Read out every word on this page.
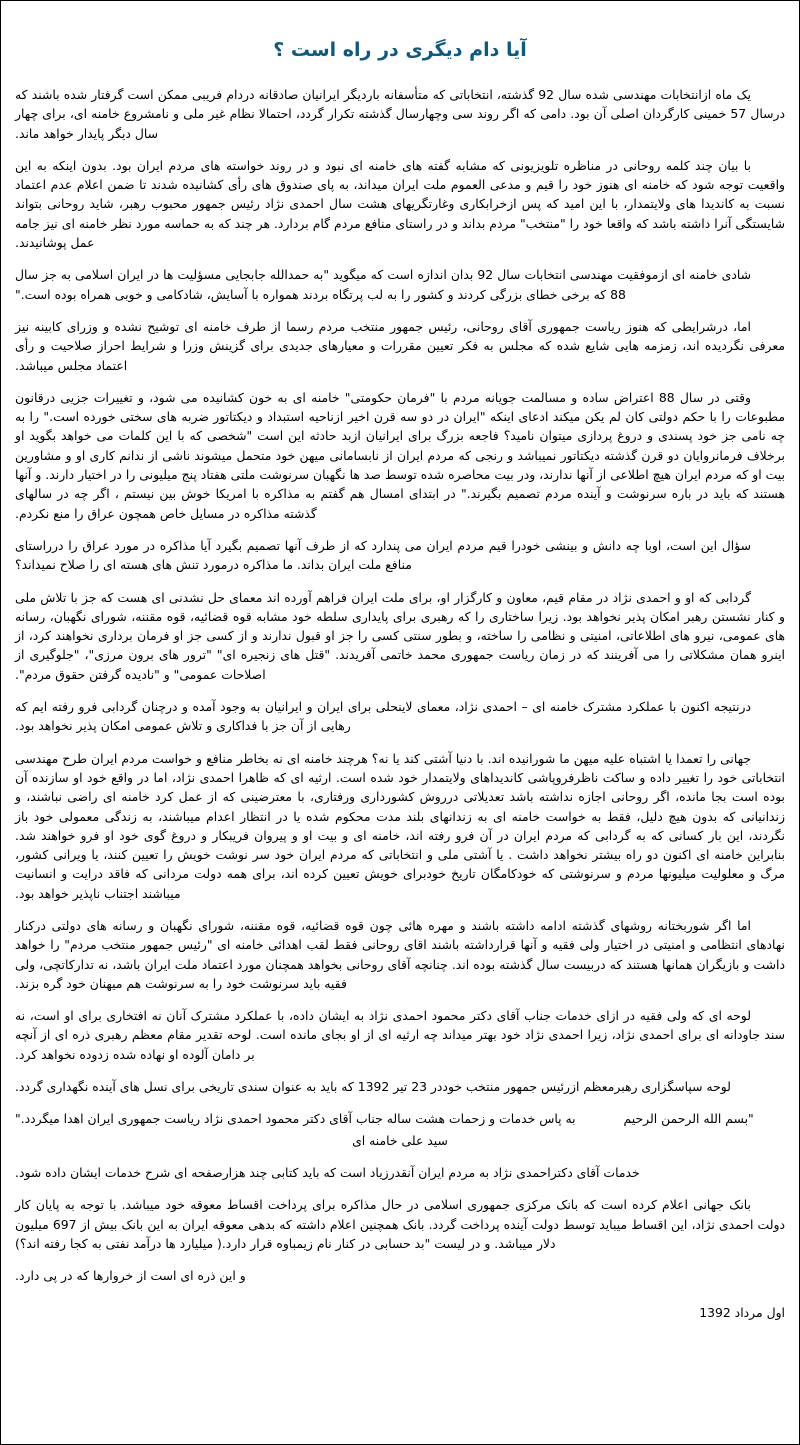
آیا دام دیگری در راه است ؟

یک ماه ازانتخابات مهندسی شده سال 92 گذشته، انتخاباتی که متأسفانه باردیگر ایرانیان صادقانه دردام فریبی ممکن است گرفتار شده باشند که درسال 57 خمینی کارگردان اصلی آن بود. دامی که اگر روند سی وچهارسال گذشته تکرار گردد، احتمالا نظام غیر ملی و نامشروع خامنه ای، برای چهار سال دیگر پایدار خواهد ماند.

با بیان چند کلمه روحانی در مناظره تلویزیونی که مشابه گفته های خامنه ای نبود و در روند خواسته های مردم ایران بود. بدون اینکه به این واقعیت توجه شود که خامنه ای هنوز خود را قیم و مدعی العموم ملت ایران میداند، به پای صندوق های رأی کشانیده شدند تا ضمن اعلام عدم اعتماد نسبت به کاندیدا های ولایتمدار، با این امید که پس ازخرابکاری وغارتگریهای هشت سال احمدی نژاد رئیس جمهور محبوب رهبر، شاید روحانی بتواند شایستگی آنرا داشته باشد که واقعا خود را "منتخب" مردم بداند و در راستای منافع مردم گام بردارد. هر چند که به حماسه مورد نظر خامنه ای نیز جامه عمل پوشانیدند.

شادی خامنه ای ازموفقیت مهندسی انتخابات سال 92 بدان اندازه است که میگوید "به حمدالله جابجایی مسؤلیت ها در ایران اسلامی به جز سال 88 که برخی خطای بزرگی کردند و کشور را به لب پرتگاه بردند همواره با آسایش، شادکامی و خوبی همراه بوده است."

اما، درشرایطی که هنوز ریاست جمهوری آقای روحانی، رئیس جمهور منتخب مردم رسما از طرف خامنه ای توشیح نشده و وزرای کابینه نیز معرفی نگردیده اند، زمزمه هایی شایع شده که مجلس به فکر تعیین مقررات و معیارهای جدیدی برای گزینش وزرا و شرایط احراز صلاحیت و رأی اعتماد مجلس میباشد.

وقتی در سال 88 اعتراض ساده و مسالمت جویانه مردم با "فرمان حکومتی" خامنه ای به خون کشانیده می شود، و تغییرات جزیی درقانون مطبوعات را با حکم دولتی کان لم یکن میکند ادعای اینکه "ایران در دو سه قرن اخیر ازناحیه استبداد و دیکتاتور ضربه های سختی خورده است." را به چه نامی جز خود پسندی و دروغ پردازی میتوان نامید؟ فاجعه بزرگ برای ایرانیان ازبد حادثه این است "شخصی که با این کلمات می خواهد بگوید او برخلاف فرمانروایان دو قرن گذشته دیکتاتور نمیباشد و رنجی که مردم ایران از نابسامانی میهن خود متحمل میشوند ناشی از ندانم کاری او و مشاورین بیت او که مردم ایران هیچ اطلاعی از آنها ندارند، ودر بیت محاصره شده توسط صد ها نگهبان سرنوشت ملتی هفتاد پنج میلیونی را در اختیار دارند. و آنها هستند که باید در باره سرنوشت و آینده مردم تصمیم بگیرند." در ابتدای امسال هم گفتم به مذاکره با امریکا خوش بین نیستم ، اگر چه در سالهای گذشته مذاکره در مسایل خاص همچون عراق را منع نکردم.

سؤال این است، اوبا چه دانش و بینشی خودرا قیم مردم ایران می پندارد که از طرف آنها تصمیم بگیرد آیا مذاکره در مورد عراق را درراستای منافع ملت ایران بداند. ما مذاکره درمورد تنش های هسته ای را صلاح نمیداند؟

گردابی که او و احمدی نژاد در مقام قیم، معاون و کارگزار او، برای ملت ایران فراهم آورده اند معمای حل نشدنی ای هست که جز با تلاش ملی و کنار نشستن رهبر امکان پذیر نخواهد بود. زیرا ساختاری را که رهبری برای پایداری سلطه خود مشابه قوه قضائیه، قوه مقننه، شورای نگهبان، رسانه های عمومی، نیرو های اطلاعاتی، امنیتی و نظامی را ساخته، و بطور سنتی کسی را جز او قبول ندارند و از کسی جز او فرمان برداری نخواهند کرد، از اینرو همان مشکلاتی را می آفرینند که در زمان ریاست جمهوری محمد خاتمی آفریدند. "قتل های زنجیره ای" "ترور های برون مرزی"، "جلوگیری از اصلاحات عمومی" و "نادیده گرفتن حقوق مردم".

درنتیجه اکنون با عملکرد مشترک خامنه ای – احمدی نژاد، معمای لاینحلی برای ایران و ایرانیان به وجود آمده و درچنان گردابی فرو رفته ایم که رهایی از آن جز با فداکاری و تلاش عمومی امکان پذیر نخواهد بود.

جهانی را تعمدا یا اشتباه علیه میهن ما شورانیده اند. با دنیا آشتی کند یا نه؟ هرچند خامنه ای نه بخاطر منافع و خواست مردم ایران طرح مهندسی انتخاباتی خود را تغییر داده و ساکت ناظرفروپاشی کاندیداهای ولایتمدار خود شده است. ارثیه ای که ظاهرا احمدی نژاد، اما در واقع خود او سازنده آن بوده است بجا مانده، اگر روحانی اجازه نداشته باشد تعدیلاتی درروش کشورداری ورفتاری، با معترضینی که از عمل کرد خامنه ای راضی نباشند، و زندانیانی که بدون هیچ دلیل، فقط به خواست خامنه ای به زندانهای بلند مدت محکوم شده یا در انتظار اعدام میباشند، به زندگی معمولی خود باز نگردند، این بار کسانی که به گردابی که مردم ایران در آن فرو رفته اند، خامنه ای و بیت او و پیروان فریبکار و دروغ گوی خود او فرو خواهند شد. بنابراین خامنه ای اکنون دو راه بیشتر نخواهد داشت . یا آشتی ملی و انتخاباتی که مردم ایران خود سر نوشت خویش را تعیین کنند، یا ویرانی کشور، مرگ و معلولیت میلیونها مردم و سرنوشتی که خودکامگان تاریخ خودبرای خویش تعیین کرده اند، برای همه دولت مردانی که فاقد درایت و انسانیت میباشند اجتناب ناپذیر خواهد بود.

اما اگر شوربختانه روشهای گذشته ادامه داشته باشند و مهره هائی چون قوه قضائیه، قوه مقننه، شورای نگهبان و رسانه های دولتی درکنار نهادهای انتظامی و امنیتی در اختیار ولی فقیه و آنها قرارداشته باشند اقای روحانی فقط لقب اهدائی خامنه ای "رئیس جمهور منتخب مردم" را خواهد داشت و بازیگران همانها هستند که دربیست سال گذشته بوده اند. چنانچه آقای روحانی بخواهد همچنان مورد اعتماد ملت ایران باشد، نه تدارکاتچی، ولی فقیه باید سرنوشت خود را به سرنوشت هم میهنان خود گره بزند.

لوحه ای که ولی فقیه در ازای خدمات جناب آقای دکتر محمود احمدی نژاد به ایشان داده، با عملکرد مشترک آنان نه افتخاری برای او است، نه سند جاودانه ای برای احمدی نژاد، زیرا احمدی نژاد خود بهتر میداند چه ارثیه ای از او بجای مانده است. لوحه تقدیر مقام معظم رهبری ذره ای از آنچه بر دامان آلوده او نهاده شده زدوده نخواهد کرد.

لوحه سپاسگزاری رهبرمعظم ازرئیس جمهور منتخب خوددر 23 تیر 1392 که باید به عنوان سندی تاریخی برای نسل های آینده نگهداری گردد.

"بسم الله الرحمن الرحیم  به پاس خدمات و زحمات هشت ساله جناب آقای دکتر محمود احمدی نژاد ریاست جمهوری ایران اهدا میگردد."

سید علی خامنه ای

خدمات آقای دکتراحمدی نژاد به مردم ایران آنقدرزیاد است که باید کتابی چند هزارصفحه ای شرح خدمات ایشان داده شود.

بانک جهانی اعلام کرده است که بانک مرکزی جمهوری اسلامی در حال مذاکره برای پرداخت اقساط معوقه خود میباشد. با توجه به پایان کار دولت احمدی نژاد، این اقساط میباید توسط دولت آینده پرداخت گردد. بانک همچنین اعلام داشته که بدهی معوقه ایران به این بانک بیش از 697 میلیون دلار میباشد. و در لیست "بد حسابی در کنار نام زیمباوه قرار دارد.( میلیارد ها درآمد نفتی به کجا رفته اند؟)

و این ذره ای است از خروارها که در پی دارد.

اول مرداد 1392
